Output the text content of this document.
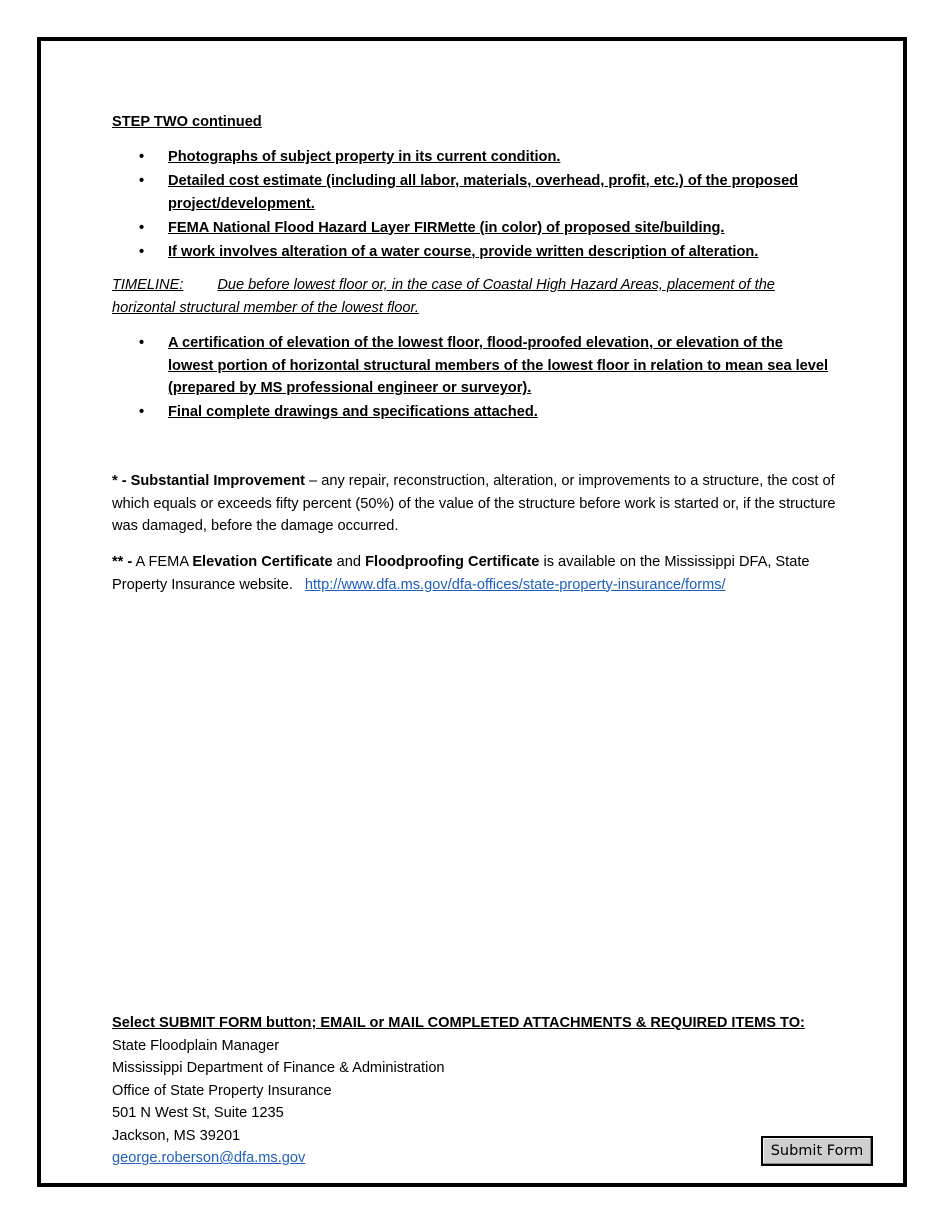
STEP TWO continued
• Photographs of subject property in its current condition.
• Detailed cost estimate (including all labor, materials, overhead, profit, etc.) of the proposed project/development.
• FEMA National Flood Hazard Layer FIRMette (in color) of proposed site/building.
• If work involves alteration of a water course, provide written description of alteration.
TIMELINE: Due before lowest floor or, in the case of Coastal High Hazard Areas, placement of the horizontal structural member of the lowest floor.
• A certification of elevation of the lowest floor, flood-proofed elevation, or elevation of the lowest portion of horizontal structural members of the lowest floor in relation to mean sea level (prepared by MS professional engineer or surveyor).
• Final complete drawings and specifications attached.
* - Substantial Improvement – any repair, reconstruction, alteration, or improvements to a structure, the cost of which equals or exceeds fifty percent (50%) of the value of the structure before work is started or, if the structure was damaged, before the damage occurred.
** - A FEMA Elevation Certificate and Floodproofing Certificate is available on the Mississippi DFA, State Property Insurance website. http://www.dfa.ms.gov/dfa-offices/state-property-insurance/forms/
Select SUBMIT FORM button; EMAIL or MAIL COMPLETED ATTACHMENTS & REQUIRED ITEMS TO:
State Floodplain Manager
Mississippi Department of Finance & Administration
Office of State Property Insurance
501 N West St, Suite 1235
Jackson, MS 39201
george.roberson@dfa.ms.gov	Submit Form
